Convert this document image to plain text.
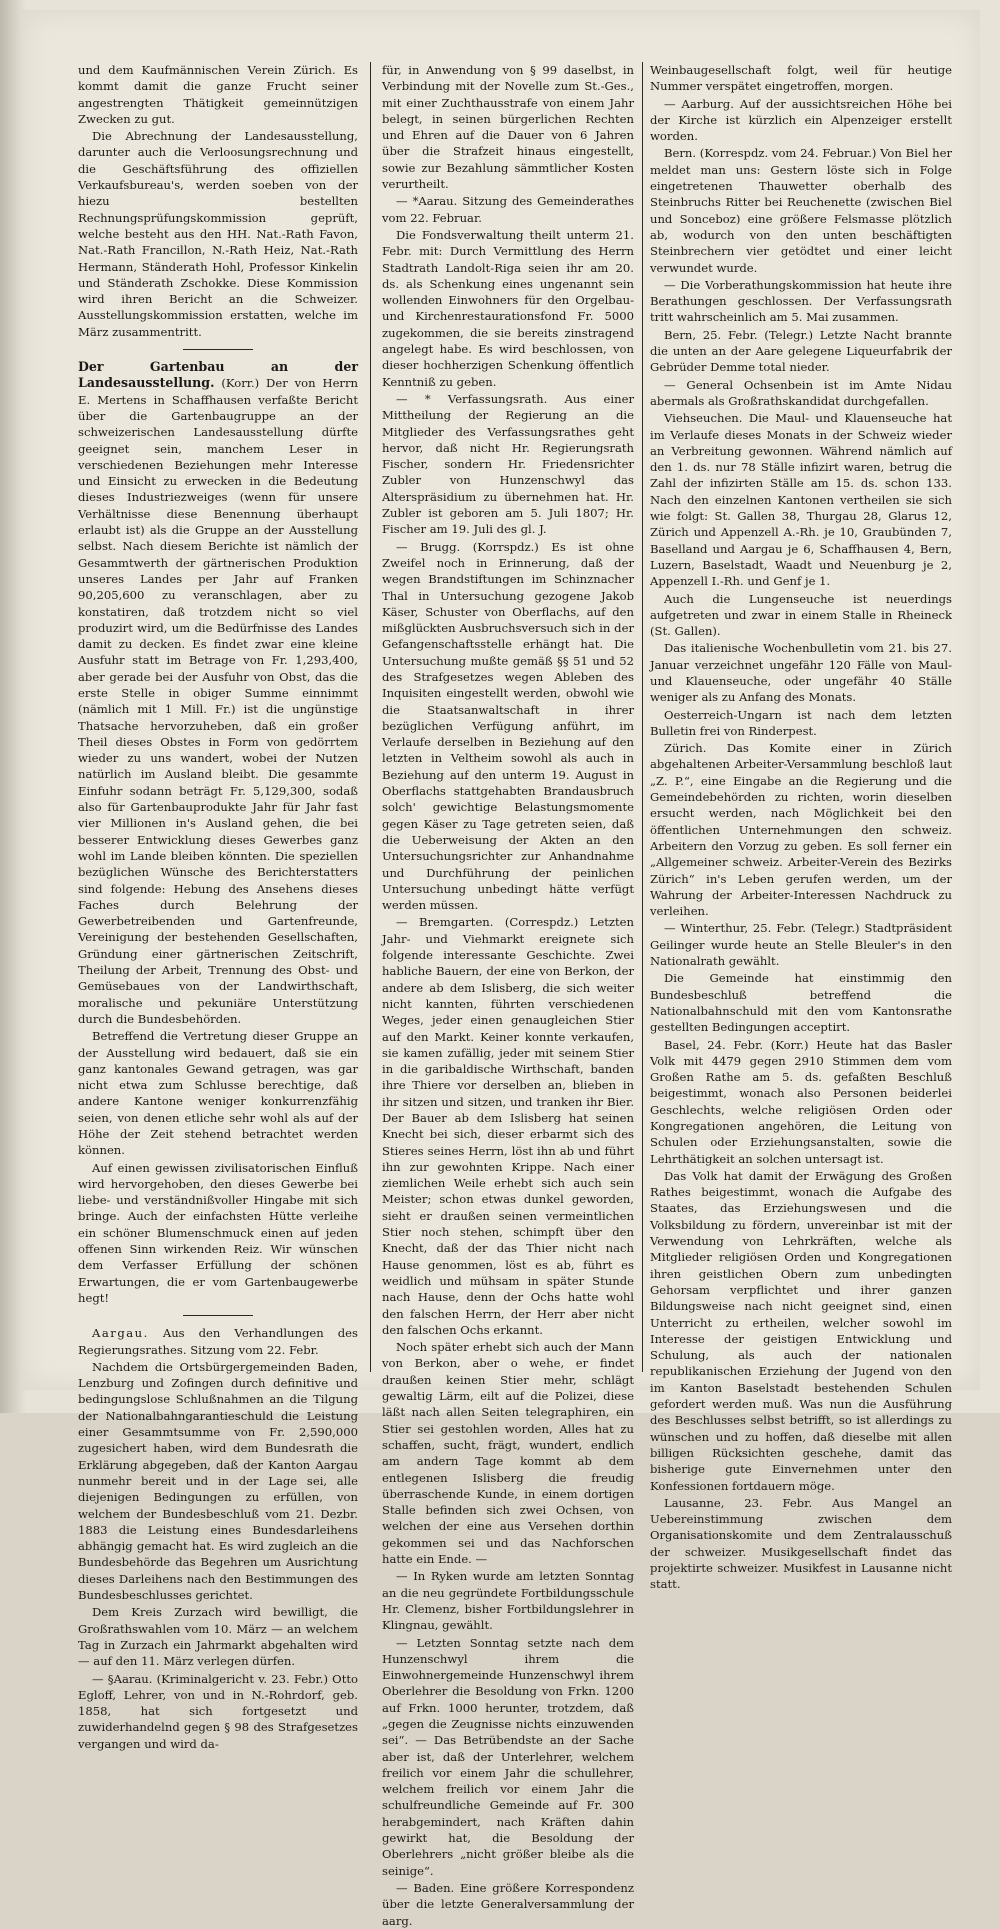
und dem Kaufmännischen Verein Zürich. Es kommt damit die ganze Frucht seiner angestrengten Thätigkeit gemeinnützigen Zwecken zu gut.

Die Abrechnung der Landesausstellung, darunter auch die Verloosungsrechnung und die Geschäftsführung des offiziellen Verkaufsbureau's, werden soeben von der hiezu bestellten Rechnungsprüfungskommission geprüft, welche besteht aus den HH. Nat.-Rath Favon, Nat.-Rath Francillon, N.-Rath Heiz, Nat.-Rath Hermann, Ständerath Hohl, Professor Kinkelin und Ständerath Zschokke. Diese Kommission wird ihren Bericht an die Schweizer. Ausstellungskommission erstatten, welche im März zusammentritt.

Der Gartenbau an der Landesausstellung. (Korr.) Der von Herrn E. Mertens in Schaffhausen verfaßte Bericht über die Gartenbaugruppe an der schweizerischen Landesausstellung dürfte geeignet sein, manchem Leser in verschiedenen Beziehungen mehr Interesse und Einsicht zu erwecken in die Bedeutung dieses Industriezweiges (wenn für unsere Verhältnisse diese Benennung überhaupt erlaubt ist) als die Gruppe an der Ausstellung selbst. Nach diesem Berichte ist nämlich der Gesammtwerth der gärtnerischen Produktion unseres Landes per Jahr auf Franken 90,205,600 zu veranschlagen, aber zu konstatiren, daß trotzdem nicht so viel produzirt wird, um die Bedürfnisse des Landes damit zu decken. Es findet zwar eine kleine Ausfuhr statt im Betrage von Fr. 1,293,400, aber gerade bei der Ausfuhr von Obst, das die erste Stelle in obiger Summe einnimmt (nämlich mit 1 Mill. Fr.) ist die ungünstige Thatsache hervorzuheben, daß ein großer Theil dieses Obstes in Form von gedörrtem wieder zu uns wandert, wobei der Nutzen natürlich im Ausland bleibt. Die gesammte Einfuhr sodann beträgt Fr. 5,129,300, sodaß also für Gartenbauprodukte Jahr für Jahr fast vier Millionen in's Ausland gehen, die bei besserer Entwicklung dieses Gewerbes ganz wohl im Lande bleiben könnten. Die speziellen bezüglichen Wünsche des Berichterstatters sind folgende: Hebung des Ansehens dieses Faches durch Belehrung der Gewerbetreibenden und Gartenfreunde, Vereinigung der bestehenden Gesellschaften, Gründung einer gärtnerischen Zeitschrift, Theilung der Arbeit, Trennung des Obst- und Gemüsebaues von der Landwirthschaft, moralische und pekuniäre Unterstützung durch die Bundesbehörden.

Betreffend die Vertretung dieser Gruppe an der Ausstellung wird bedauert, daß sie ein ganz kantonales Gewand getragen, was gar nicht etwa zum Schlusse berechtige, daß andere Kantone weniger konkurrenzfähig seien, von denen etliche sehr wohl als auf der Höhe der Zeit stehend betrachtet werden können.

Auf einen gewissen zivilisatorischen Einfluß wird hervorgehoben, den dieses Gewerbe bei liebe- und verständnißvoller Hingabe mit sich bringe. Auch der einfachsten Hütte verleihe ein schöner Blumenschmuck einen auf jeden offenen Sinn wirkenden Reiz. Wir wünschen dem Verfasser Erfüllung der schönen Erwartungen, die er vom Gartenbaugewerbe hegt!

Aargau. Aus den Verhandlungen des Regierungsrathes. Sitzung vom 22. Febr.

Nachdem die Ortsbürgergemeinden Baden, Lenzburg und Zofingen durch definitive und bedingungslose Schlußnahmen an die Tilgung der Nationalbahngarantieschuld die Leistung einer Gesammtsumme von Fr. 2,590,000 zugesichert haben, wird dem Bundesrath die Erklärung abgegeben, daß der Kanton Aargau nunmehr bereit und in der Lage sei, alle diejenigen Bedingungen zu erfüllen, von welchem der Bundesbeschluß vom 21. Dezbr. 1883 die Leistung eines Bundesdarleihens abhängig gemacht hat. Es wird zugleich an die Bundesbehörde das Begehren um Ausrichtung dieses Darleihens nach den Bestimmungen des Bundesbeschlusses gerichtet.

Dem Kreis Zurzach wird bewilligt, die Großrathswahlen vom 10. März — an welchem Tag in Zurzach ein Jahrmarkt abgehalten wird — auf den 11. März verlegen dürfen.

— §Aarau. (Kriminalgericht v. 23. Febr.) Otto Egloff, Lehrer, von und in N.-Rohrdorf, geb. 1858, hat sich fortgesetzt und zuwiderhandelnd gegen § 98 des Strafgesetzes vergangen und wird da-

für, in Anwendung von § 99 daselbst, in Verbindung mit der Novelle zum St.-Ges., mit einer Zuchthausstrafe von einem Jahr belegt, in seinen bürgerlichen Rechten und Ehren auf die Dauer von 6 Jahren über die Strafzeit hinaus eingestellt, sowie zur Bezahlung sämmtlicher Kosten verurtheilt.

— *Aarau. Sitzung des Gemeinderathes vom 22. Februar.

Die Fondsverwaltung theilt unterm 21. Febr. mit: Durch Vermittlung des Herrn Stadtrath Landolt-Riga seien ihr am 20. ds. als Schenkung eines ungenannt sein wollenden Einwohners für den Orgelbau- und Kirchenrestaurationsfond Fr. 5000 zugekommen, die sie bereits zinstragend angelegt habe. Es wird beschlossen, von dieser hochherzigen Schenkung öffentlich Kenntniß zu geben.

— * Verfassungsrath. Aus einer Mittheilung der Regierung an die Mitglieder des Verfassungsrathes geht hervor, daß nicht Hr. Regierungsrath Fischer, sondern Hr. Friedensrichter Zubler von Hunzenschwyl das Alterspräsidium zu übernehmen hat. Hr. Zubler ist geboren am 5. Juli 1807; Hr. Fischer am 19. Juli des gl. J.

— Brugg. (Korrspdz.) Es ist ohne Zweifel noch in Erinnerung, daß der wegen Brandstiftungen im Schinznacher Thal in Untersuchung gezogene Jakob Käser, Schuster von Oberflachs, auf den mißglückten Ausbruchsversuch sich in der Gefangenschaftsstelle erhängt hat. Die Untersuchung mußte gemäß §§ 51 und 52 des Strafgesetzes wegen Ableben des Inquisiten eingestellt werden, obwohl wie die Staatsanwaltschaft in ihrer bezüglichen Verfügung anführt, im Verlaufe derselben in Beziehung auf den letzten in Veltheim sowohl als auch in Beziehung auf den unterm 19. August in Oberflachs stattgehabten Brandausbruch solch' gewichtige Belastungsmomente gegen Käser zu Tage getreten seien, daß die Ueberweisung der Akten an den Untersuchungsrichter zur Anhandnahme und Durchführung der peinlichen Untersuchung unbedingt hätte verfügt werden müssen.

— Bremgarten. (Correspdz.) Letzten Jahr- und Viehmarkt ereignete sich folgende interessante Geschichte. Zwei habliche Bauern, der eine von Berkon, der andere ab dem Islisberg, die sich weiter nicht kannten, führten verschiedenen Weges, jeder einen genaugleichen Stier auf den Markt. Keiner konnte verkaufen, sie kamen zufällig, jeder mit seinem Stier in die garibaldische Wirthschaft, banden ihre Thiere vor derselben an, blieben in ihr sitzen und sitzen, und tranken ihr Bier. Der Bauer ab dem Islisberg hat seinen Knecht bei sich, dieser erbarmt sich des Stieres seines Herrn, löst ihn ab und führt ihn zur gewohnten Krippe. Nach einer ziemlichen Weile erhebt sich auch sein Meister; schon etwas dunkel geworden, sieht er draußen seinen vermeintlichen Stier noch stehen, schimpft über den Knecht, daß der das Thier nicht nach Hause genommen, löst es ab, führt es weidlich und mühsam in später Stunde nach Hause, denn der Ochs hatte wohl den falschen Herrn, der Herr aber nicht den falschen Ochs erkannt.

Noch später erhebt sich auch der Mann von Berkon, aber o wehe, er findet draußen keinen Stier mehr, schlägt gewaltig Lärm, eilt auf die Polizei, diese läßt nach allen Seiten telegraphiren, ein Stier sei gestohlen worden, Alles hat zu schaffen, sucht, frägt, wundert, endlich am andern Tage kommt ab dem entlegenen Islisberg die freudig überraschende Kunde, in einem dortigen Stalle befinden sich zwei Ochsen, von welchen der eine aus Versehen dorthin gekommen sei und das Nachforschen hatte ein Ende. —

— In Ryken wurde am letzten Sonntag an die neu gegründete Fortbildungsschule Hr. Clemenz, bisher Fortbildungslehrer in Klingnau, gewählt.

— Letzten Sonntag setzte nach dem Hunzenschwyl ihrem die Einwohnergemeinde Hunzenschwyl ihrem Oberlehrer die Besoldung von Frkn. 1200 auf Frkn. 1000 herunter, trotzdem, daß „gegen die Zeugnisse nichts einzuwenden sei“. — Das Betrübendste an der Sache aber ist, daß der Unterlehrer, welchem freilich vor einem Jahr die schullehrer, welchem freilich vor einem Jahr die schulfreundliche Gemeinde auf Fr. 300 herabgemindert, nach Kräften dahin gewirkt hat, die Besoldung der Oberlehrers „nicht größer bleibe als die seinige“.

— Baden. Eine größere Korrespondenz über die letzte Generalversammlung der aarg.

Weinbaugesellschaft folgt, weil für heutige Nummer verspätet eingetroffen, morgen.

— Aarburg. Auf der aussichtsreichen Höhe bei der Kirche ist kürzlich ein Alpenzeiger erstellt worden.

Bern. (Korrespdz. vom 24. Februar.) Von Biel her meldet man uns: Gestern löste sich in Folge eingetretenen Thauwetter oberhalb des Steinbruchs Ritter bei Reuchenette (zwischen Biel und Sonceboz) eine größere Felsmasse plötzlich ab, wodurch von den unten beschäftigten Steinbrechern vier getödtet und einer leicht verwundet wurde.

— Die Vorberathungskommission hat heute ihre Berathungen geschlossen. Der Verfassungsrath tritt wahrscheinlich am 5. Mai zusammen.

Bern, 25. Febr. (Telegr.) Letzte Nacht brannte die unten an der Aare gelegene Liqueurfabrik der Gebrüder Demme total nieder.

— General Ochsenbein ist im Amte Nidau abermals als Großrathskandidat durchgefallen.

Viehseuchen. Die Maul- und Klauenseuche hat im Verlaufe dieses Monats in der Schweiz wieder an Verbreitung gewonnen. Während nämlich auf den 1. ds. nur 78 Ställe infizirt waren, betrug die Zahl der infizirten Ställe am 15. ds. schon 133. Nach den einzelnen Kantonen vertheilen sie sich wie folgt: St. Gallen 38, Thurgau 28, Glarus 12, Zürich und Appenzell A.-Rh. je 10, Graubünden 7, Baselland und Aargau je 6, Schaffhausen 4, Bern, Luzern, Baselstadt, Waadt und Neuenburg je 2, Appenzell I.-Rh. und Genf je 1.

Auch die Lungenseuche ist neuerdings aufgetreten und zwar in einem Stalle in Rheineck (St. Gallen).

Das italienische Wochenbulletin vom 21. bis 27. Januar verzeichnet ungefähr 120 Fälle von Maul- und Klauenseuche, oder ungefähr 40 Ställe weniger als zu Anfang des Monats.

Oesterreich-Ungarn ist nach dem letzten Bulletin frei von Rinderpest.

Zürich. Das Komite einer in Zürich abgehaltenen Arbeiter-Versammlung beschloß laut „Z. P.“, eine Eingabe an die Regierung und die Gemeindebehörden zu richten, worin dieselben ersucht werden, nach Möglichkeit bei den öffentlichen Unternehmungen den schweiz. Arbeitern den Vorzug zu geben. Es soll ferner ein „Allgemeiner schweiz. Arbeiter-Verein des Bezirks Zürich“ in's Leben gerufen werden, um der Wahrung der Arbeiter-Interessen Nachdruck zu verleihen.

— Winterthur, 25. Febr. (Telegr.) Stadtpräsident Geilinger wurde heute an Stelle Bleuler's in den Nationalrath gewählt.

Die Gemeinde hat einstimmig den Bundesbeschluß betreffend die Nationalbahnschuld mit den vom Kantonsrathe gestellten Bedingungen acceptirt.

Basel, 24. Febr. (Korr.) Heute hat das Basler Volk mit 4479 gegen 2910 Stimmen dem vom Großen Rathe am 5. ds. gefaßten Beschluß beigestimmt, wonach also Personen beiderlei Geschlechts, welche religiösen Orden oder Kongregationen angehören, die Leitung von Schulen oder Erziehungsanstalten, sowie die Lehrthätigkeit an solchen untersagt ist.

Das Volk hat damit der Erwägung des Großen Rathes beigestimmt, wonach die Aufgabe des Staates, das Erziehungswesen und die Volksbildung zu fördern, unvereinbar ist mit der Verwendung von Lehrkräften, welche als Mitglieder religiösen Orden und Kongregationen ihren geistlichen Obern zum unbedingten Gehorsam verpflichtet und ihrer ganzen Bildungsweise nach nicht geeignet sind, einen Unterricht zu ertheilen, welcher sowohl im Interesse der geistigen Entwicklung und Schulung, als auch der nationalen republikanischen Erziehung der Jugend von den im Kanton Baselstadt bestehenden Schulen gefordert werden muß. Was nun die Ausführung des Beschlusses selbst betrifft, so ist allerdings zu wünschen und zu hoffen, daß dieselbe mit allen billigen Rücksichten geschehe, damit das bisherige gute Einvernehmen unter den Konfessionen fortdauern möge.

Lausanne, 23. Febr. Aus Mangel an Uebereinstimmung zwischen dem Organisationskomite und dem Zentralausschuß der schweizer. Musikgesellschaft findet das projektirte schweizer. Musikfest in Lausanne nicht statt.
